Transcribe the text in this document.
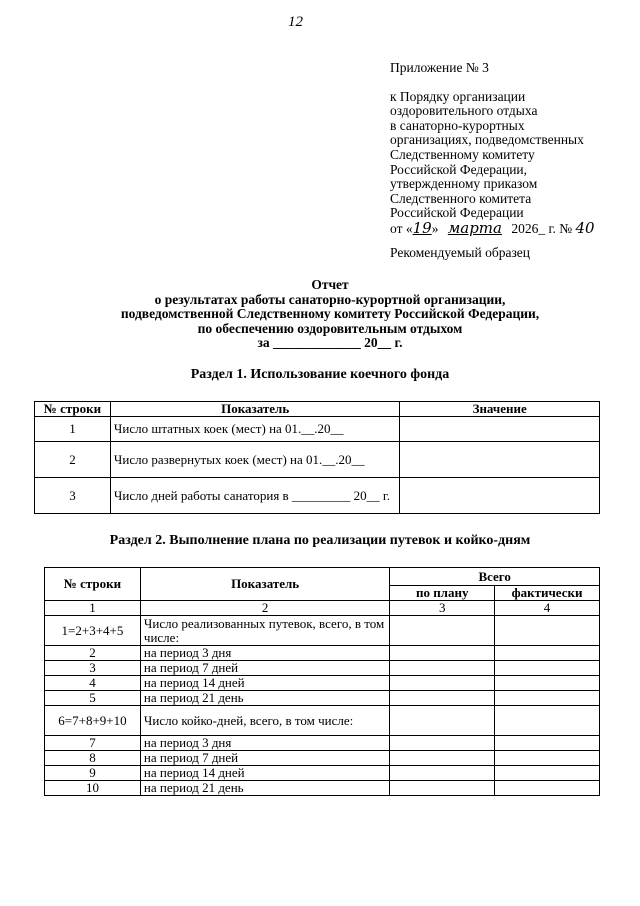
12
Приложение № 3
к Порядку организации
оздоровительного отдыха
в санаторно-курортных
организациях, подведомственных
Следственному комитету
Российской Федерации,
утвержденному приказом
Следственного комитета
Российской Федерации
от «19» марта 2026_ г. № 40
Рекомендуемый образец
Отчет
о результатах работы санаторно-курортной организации,
подведомственной Следственному комитету Российской Федерации,
по обеспечению оздоровительным отдыхом
за _____________ 20__ г.
Раздел 1. Использование коечного фонда
№ строки	Показатель	Значение
1	Число штатных коек (мест) на 01.__.20__	
2	Число развернутых коек (мест) на 01.__.20__	
3	Число дней работы санатория в _________ 20__ г.	
Раздел 2. Выполнение плана по реализации путевок и койко-дням
№ строки	Показатель	Всего	
		по плану	фактически
1	2	3	4
1=2+3+4+5	Число реализованных путевок, всего, в том числе:		
2	на период 3 дня		
3	на период 7 дней		
4	на период 14 дней		
5	на период 21 день		
6=7+8+9+10	Число койко-дней, всего, в том числе:		
7	на период 3 дня		
8	на период 7 дней		
9	на период 14 дней		
10	на период 21 день		
